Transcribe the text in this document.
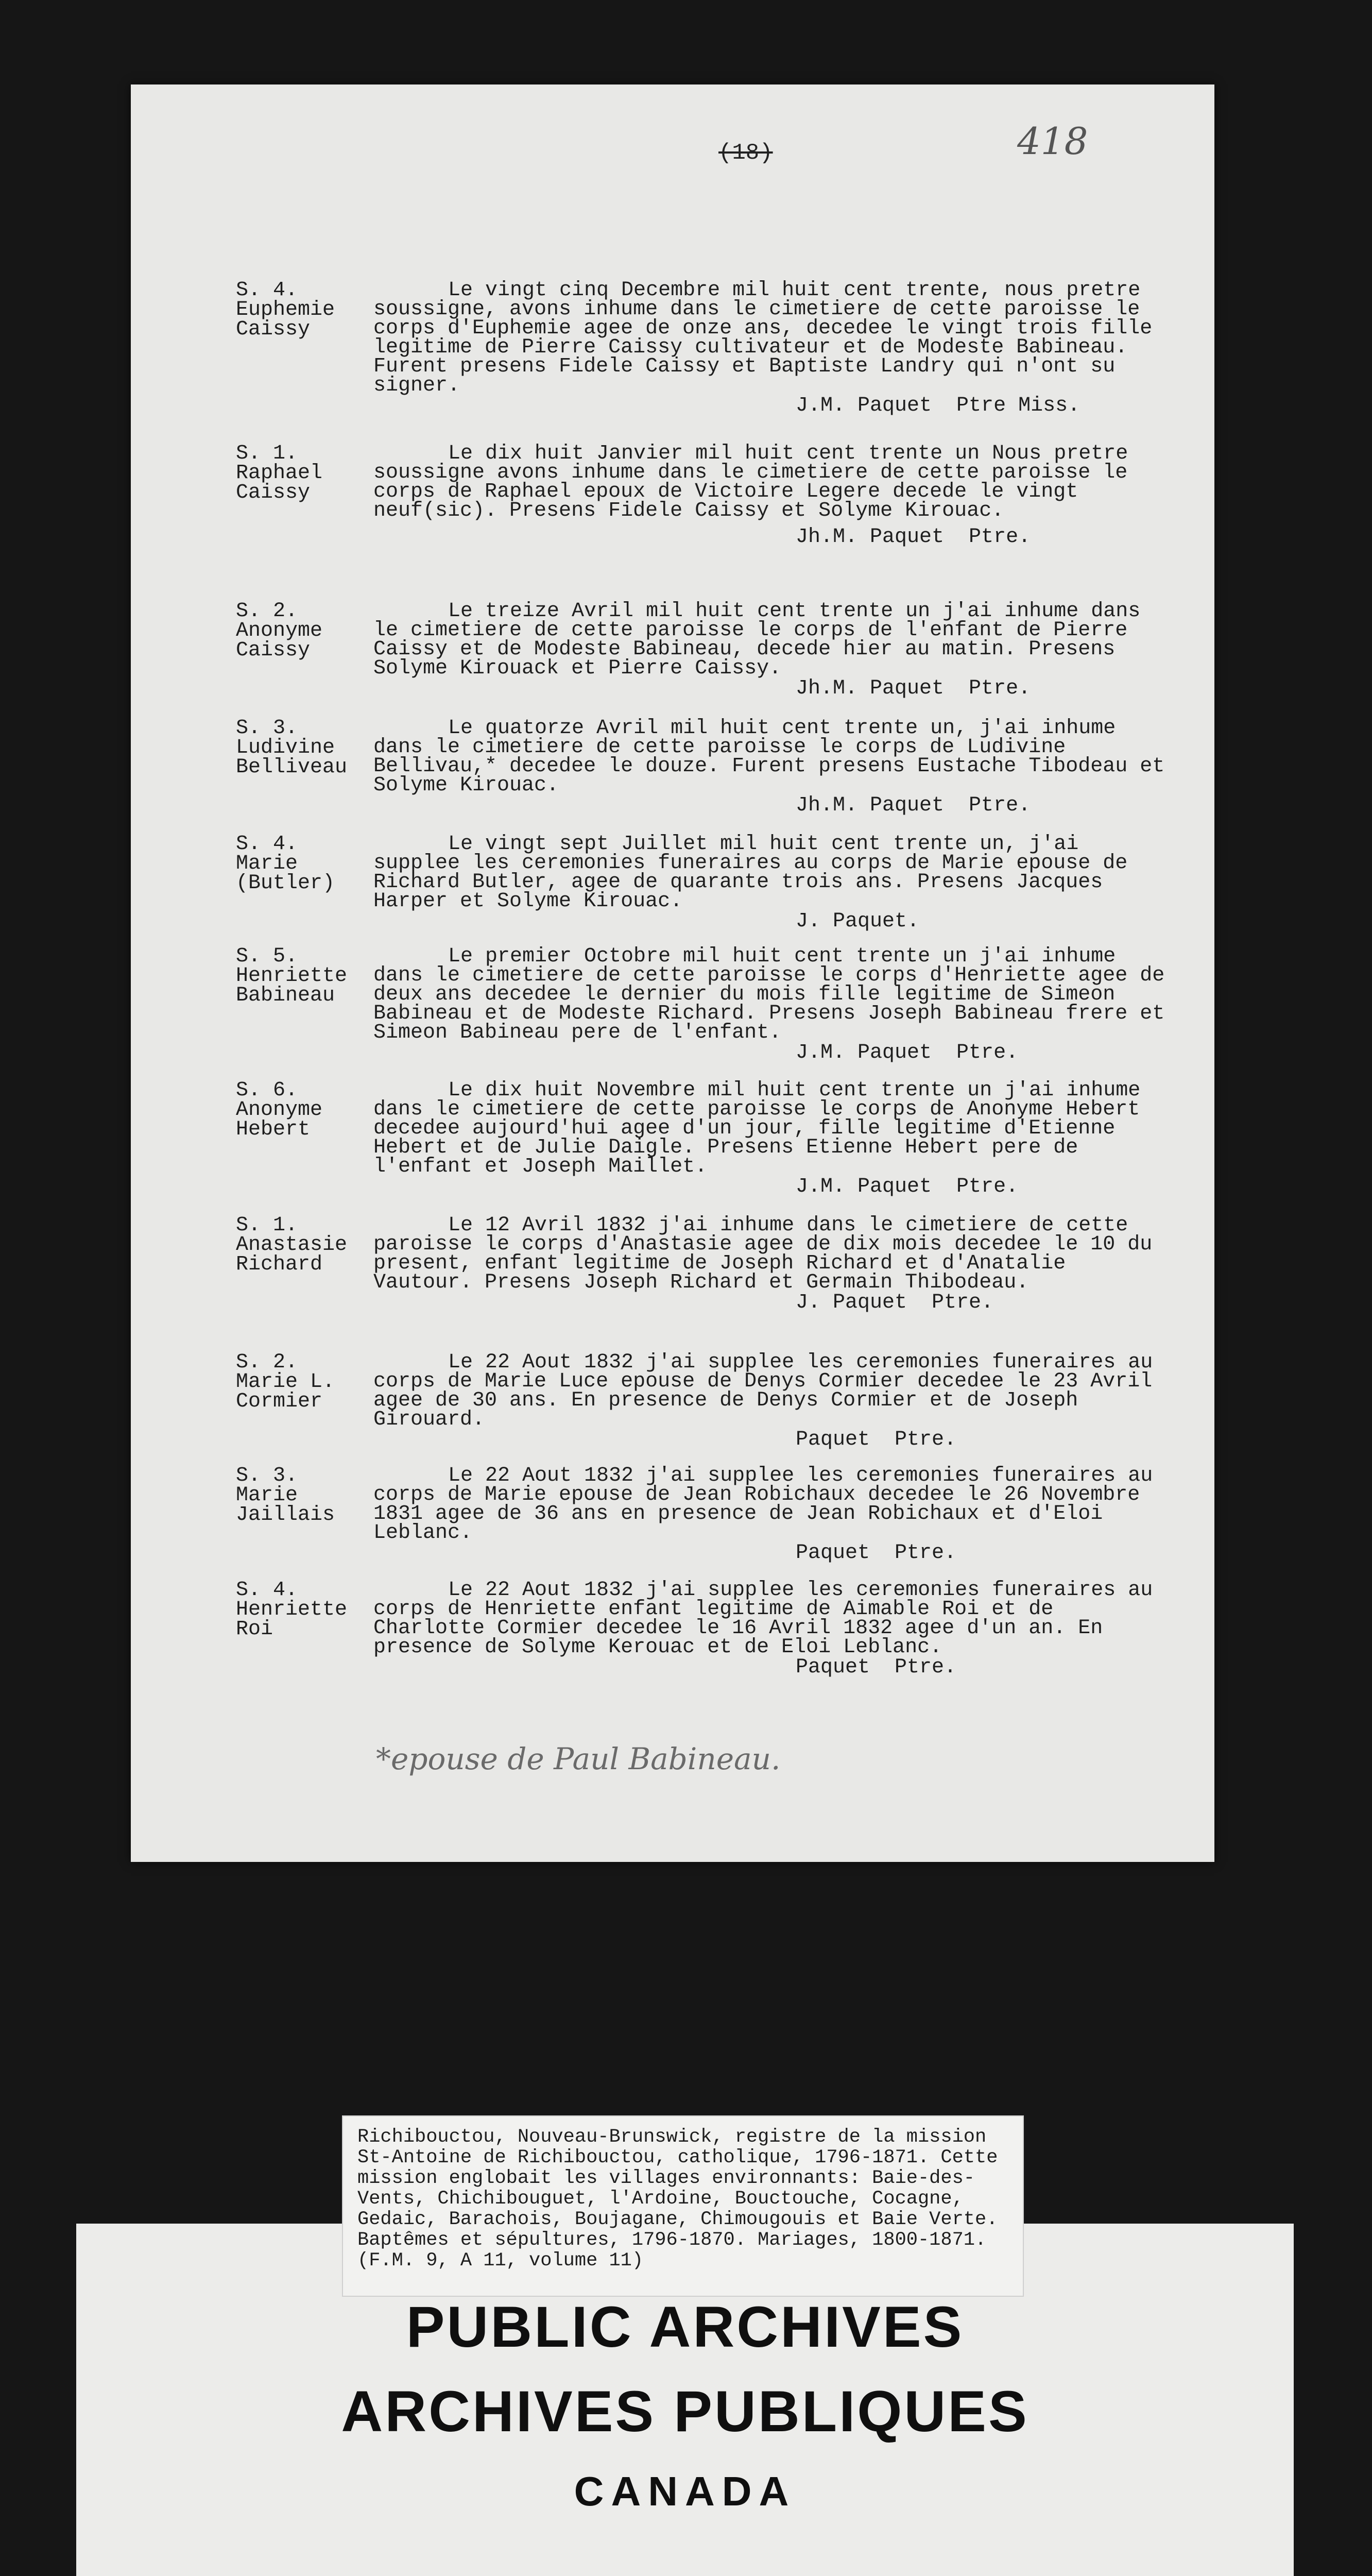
(18)	418
S. 4.
Euphemie
Caissy
Le vingt cinq Decembre mil huit cent trente, nous pretre soussigne, avons inhume dans le cimetiere de cette paroisse le corps d'Euphemie agee de onze ans, decedee le vingt trois fille legitime de Pierre Caissy cultivateur et de Modeste Babineau. Furent presens Fidele Caissy et Baptiste Landry qui n'ont su signer.
J.M. Paquet  Ptre Miss.
S. 1.
Raphael
Caissy
Le dix huit Janvier mil huit cent trente un Nous pretre soussigne avons inhume dans le cimetiere de cette paroisse le corps de Raphael epoux de Victoire Legere decede le vingt neuf(sic). Presens Fidele Caissy et Solyme Kirouac.
Jh.M. Paquet  Ptre.
S. 2.
Anonyme
Caissy
Le treize Avril mil huit cent trente un j'ai inhume dans le cimetiere de cette paroisse le corps de l'enfant de Pierre Caissy et de Modeste Babineau, decede hier au matin. Presens Solyme Kirouack et Pierre Caissy.
Jh.M. Paquet  Ptre.
S. 3.
Ludivine
Belliveau
Le quatorze Avril mil huit cent trente un, j'ai inhume dans le cimetiere de cette paroisse le corps de Ludivine Bellivau,* decedee le douze. Furent presens Eustache Tibodeau et Solyme Kirouac.
Jh.M. Paquet  Ptre.
S. 4.
Marie
(Butler)
Le vingt sept Juillet mil huit cent trente un, j'ai supplee les ceremonies funeraires au corps de Marie epouse de Richard Butler, agee de quarante trois ans. Presens Jacques Harper et Solyme Kirouac.
J. Paquet.
S. 5.
Henriette
Babineau
Le premier Octobre mil huit cent trente un j'ai inhume dans le cimetiere de cette paroisse le corps d'Henriette agee de deux ans decedee le dernier du mois fille legitime de Simeon Babineau et de Modeste Richard. Presens Joseph Babineau frere et Simeon Babineau pere de l'enfant.
J.M. Paquet  Ptre.
S. 6.
Anonyme
Hebert
Le dix huit Novembre mil huit cent trente un j'ai inhume dans le cimetiere de cette paroisse le corps de Anonyme Hebert decedee aujourd'hui agee d'un jour, fille legitime d'Etienne Hebert et de Julie Daigle. Presens Etienne Hebert pere de l'enfant et Joseph Maillet.
J.M. Paquet  Ptre.
S. 1.
Anastasie
Richard
Le 12 Avril 1832 j'ai inhume dans le cimetiere de cette paroisse le corps d'Anastasie agee de dix mois decedee le 10 du present, enfant legitime de Joseph Richard et d'Anatalie Vautour. Presens Joseph Richard et Germain Thibodeau.
J. Paquet  Ptre.
S. 2.
Marie L.
Cormier
Le 22 Aout 1832 j'ai supplee les ceremonies funeraires au corps de Marie Luce epouse de Denys Cormier decedee le 23 Avril agee de 30 ans. En presence de Denys Cormier et de Joseph Girouard.
Paquet  Ptre.
S. 3.
Marie
Jaillais
Le 22 Aout 1832 j'ai supplee les ceremonies funeraires au corps de Marie epouse de Jean Robichaux decedee le 26 Novembre 1831 agee de 36 ans en presence de Jean Robichaux et d'Eloi Leblanc.
Paquet  Ptre.
S. 4.
Henriette
Roi
Le 22 Aout 1832 j'ai supplee les ceremonies funeraires au corps de Henriette enfant legitime de Aimable Roi et de Charlotte Cormier decedee le 16 Avril 1832 agee d'un an. En presence de Solyme Kerouac et de Eloi Leblanc.
Paquet  Ptre.
*epouse de Paul Babineau.
Richibouctou, Nouveau-Brunswick, registre de la mission St-Antoine de Richibouctou, catholique, 1796-1871. Cette mission englobait les villages environnants: Baie-des-Vents, Chichibouguet, l'Ardoine, Bouctouche, Cocagne, Gedaic, Barachois, Boujagane, Chimougouis et Baie Verte. Baptêmes et sépultures, 1796-1870. Mariages, 1800-1871. (F.M. 9, A 11, volume 11)
PUBLIC ARCHIVES
ARCHIVES PUBLIQUES
CANADA
